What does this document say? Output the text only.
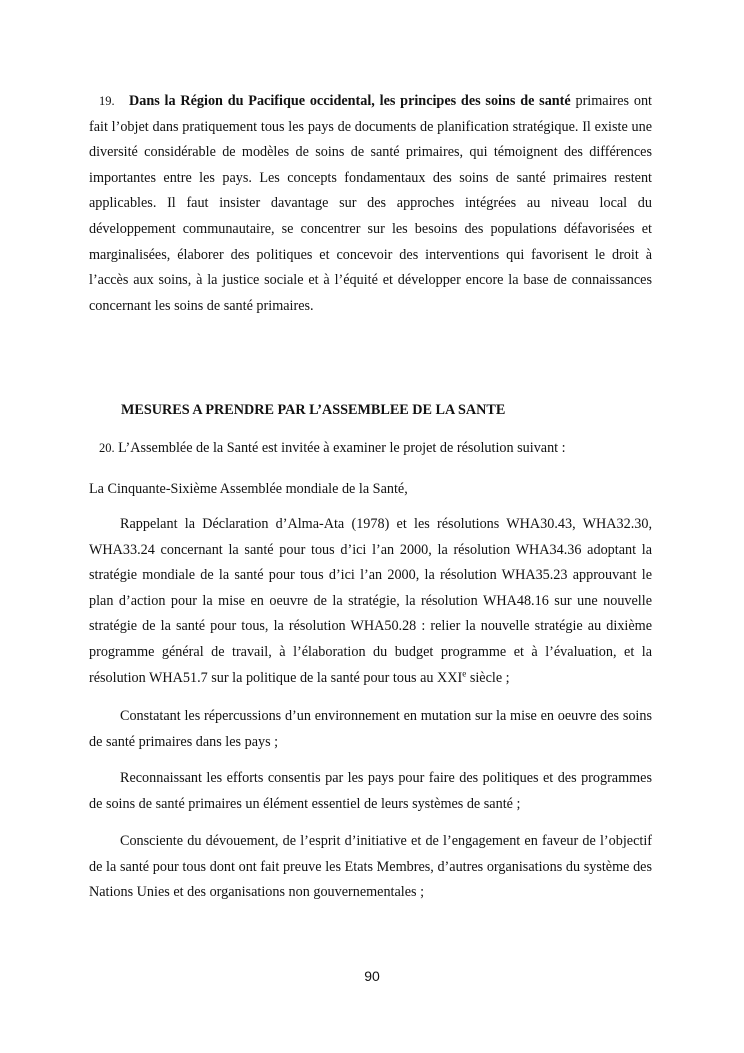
19. Dans la Région du Pacifique occidental, les principes des soins de santé primaires ont fait l’objet dans pratiquement tous les pays de documents de planification stratégique. Il existe une diversité considérable de modèles de soins de santé primaires, qui témoignent des différences importantes entre les pays. Les concepts fondamentaux des soins de santé primaires restent applicables. Il faut insister davantage sur des approches intégrées au niveau local du développement communautaire, se concentrer sur les besoins des populations défavorisées et marginalisées, élaborer des politiques et concevoir des interventions qui favorisent le droit à l’accès aux soins, à la justice sociale et à l’équité et développer encore la base de connaissances concernant les soins de santé primaires.

MESURES A PRENDRE PAR L’ASSEMBLEE DE LA SANTE

20. L’Assemblée de la Santé est invitée à examiner le projet de résolution suivant :

La Cinquante-Sixième Assemblée mondiale de la Santé,

Rappelant la Déclaration d’Alma-Ata (1978) et les résolutions WHA30.43, WHA32.30, WHA33.24 concernant la santé pour tous d’ici l’an 2000, la résolution WHA34.36 adoptant la stratégie mondiale de la santé pour tous d’ici l’an 2000, la résolution WHA35.23 approuvant le plan d’action pour la mise en oeuvre de la stratégie, la résolution WHA48.16 sur une nouvelle stratégie de la santé pour tous, la résolution WHA50.28 : relier la nouvelle stratégie au dixième programme général de travail, à l’élaboration du budget programme et à l’évaluation, et la résolution WHA51.7 sur la politique de la santé pour tous au XXIe siècle ;

Constatant les répercussions d’un environnement en mutation sur la mise en oeuvre des soins de santé primaires dans les pays ;

Reconnaissant les efforts consentis par les pays pour faire des politiques et des programmes de soins de santé primaires un élément essentiel de leurs systèmes de santé ;

Consciente du dévouement, de l’esprit d’initiative et de l’engagement en faveur de l’objectif de la santé pour tous dont ont fait preuve les Etats Membres, d’autres organisations du système des Nations Unies et des organisations non gouvernementales ;

90
